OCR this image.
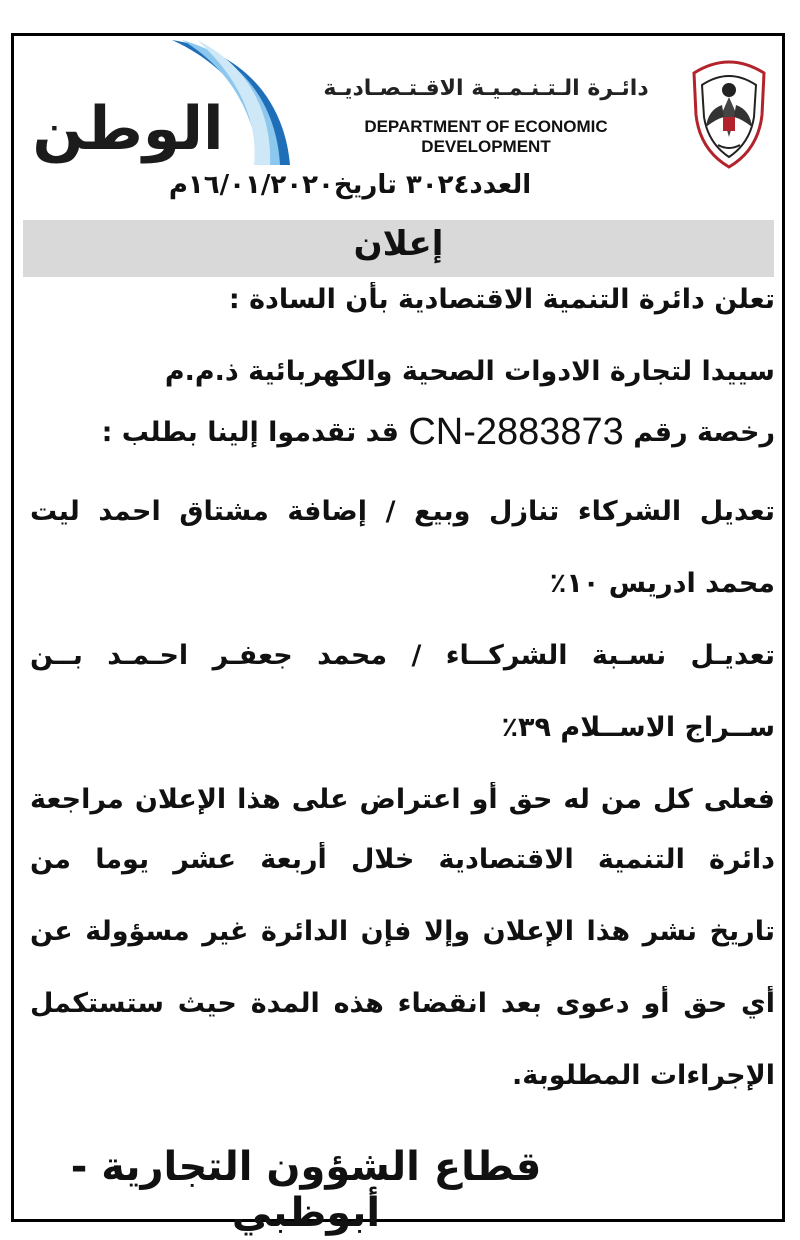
الوطن
دائـرة الـتـنـمـيـة الاقـتـصـاديـة
DEPARTMENT OF ECONOMIC DEVELOPMENT
العدد٣٠٢٤ تاريخ١٦/٠١/٢٠٢٠م
إعلان
تعلن دائرة التنمية الاقتصادية بأن السادة :
سييدا لتجارة الادوات الصحية والكهربائية ذ.م.م
رخصة رقم CN-2883873 قد تقدموا إلينا بطلب :
تعديل الشركاء تنازل وبيع / إضافة مشتاق احمد ليت
محمد ادريس ١٠٪
تعديـل نسـبة الشركــاء / محمد جعفـر احـمـد بــن
ســراج الاســلام ٣٩٪
فعلى كل من له حق أو اعتراض على هذا الإعلان مراجعة
دائرة التنمية الاقتصادية خلال أربعة عشر يوما من
تاريخ نشر هذا الإعلان وإلا فإن الدائرة غير مسؤولة عن
أي حق أو دعوى بعد انقضاء هذه المدة حيث ستستكمل
الإجراءات المطلوبة.
قطاع الشؤون التجارية - أبوظبي
